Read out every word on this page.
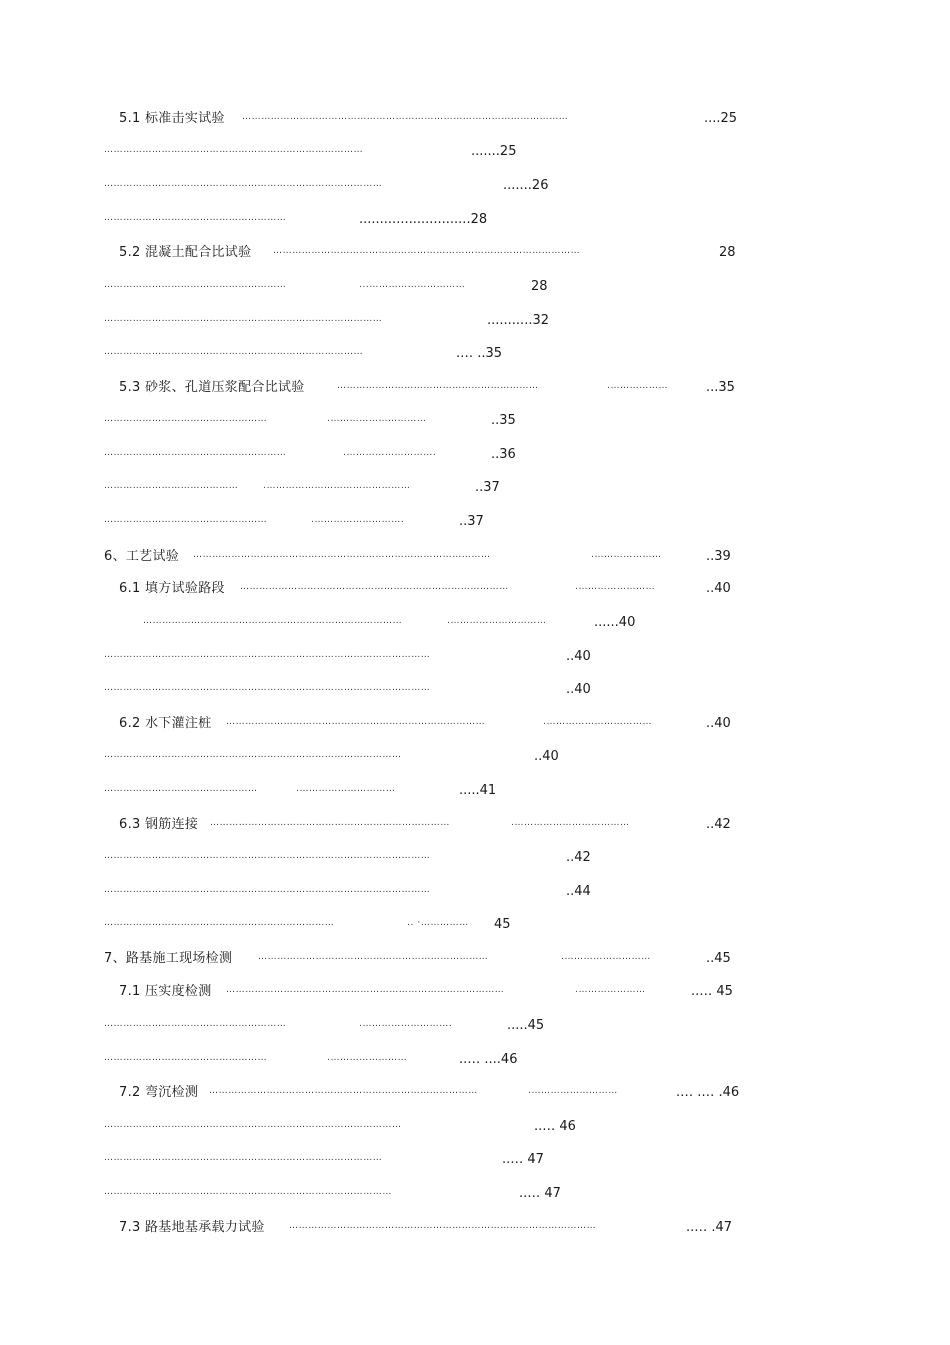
5.1 标准击实试验 …………………………………………………………………………………………	....25
………………………………………………………………………	.......25
……………………………………………………………………………	.......26
…………………………………………………	...........................28
5.2 混凝土配合比试验 ……………………………………………………………………………………	28
…………………………………………………	...…………………………	28
……………………………………………………………………………	...........32
………………………………………………………………………	.… ..35
5.3 砂浆、孔道压浆配合比试验	………………………………………………………	.………………	...35
……………………………………………	.…………………………	..35
…………………………………………………	.……………………….	..36
……………………………………	.………………………………………	..37
……………………………………………	.……………………….	..37
6、工艺试验 …………………………………………………………………………………	.…………………	..39
6.1 填方试验路段 …………………………………………………………………………	.……………………	..40
………………………………………………………………………	.…………………………	......40
…………………………………………………………………………………………	..40
…………………………………………………………………………………………	..40
6.2 水下灌注桩 ………………………………………………………………………	.……………………………	..40
…………………………………………………………………………………	..40
…………………………………………	.…………………………	.....41
6.3 钢筋连接 …………………………………………………………………	.………………………………	..42
…………………………………………………………………………………………	..42
…………………………………………………………………………………………	..44
………………………………………………………………	.. ·……………	45
7、路基施工现场检测	………………………………………………………………	.………………………	..45
7.1 压实度检测 ……………………………………………………………………………	.…………………	..… 45
…………………………………………………	.……………………….	.....45
……………………………………………	.……………………	..… ....46
7.2 弯沉检测 …………………………………………………………………………	.………………………	.… .… .46
…………………………………………………………………………………	..… 46
……………………………………………………………………………	..… 47
………………………………………………………………………………	..… 47
7.3 路基地基承载力试验	……………………………………………………………………………………	..… .47
